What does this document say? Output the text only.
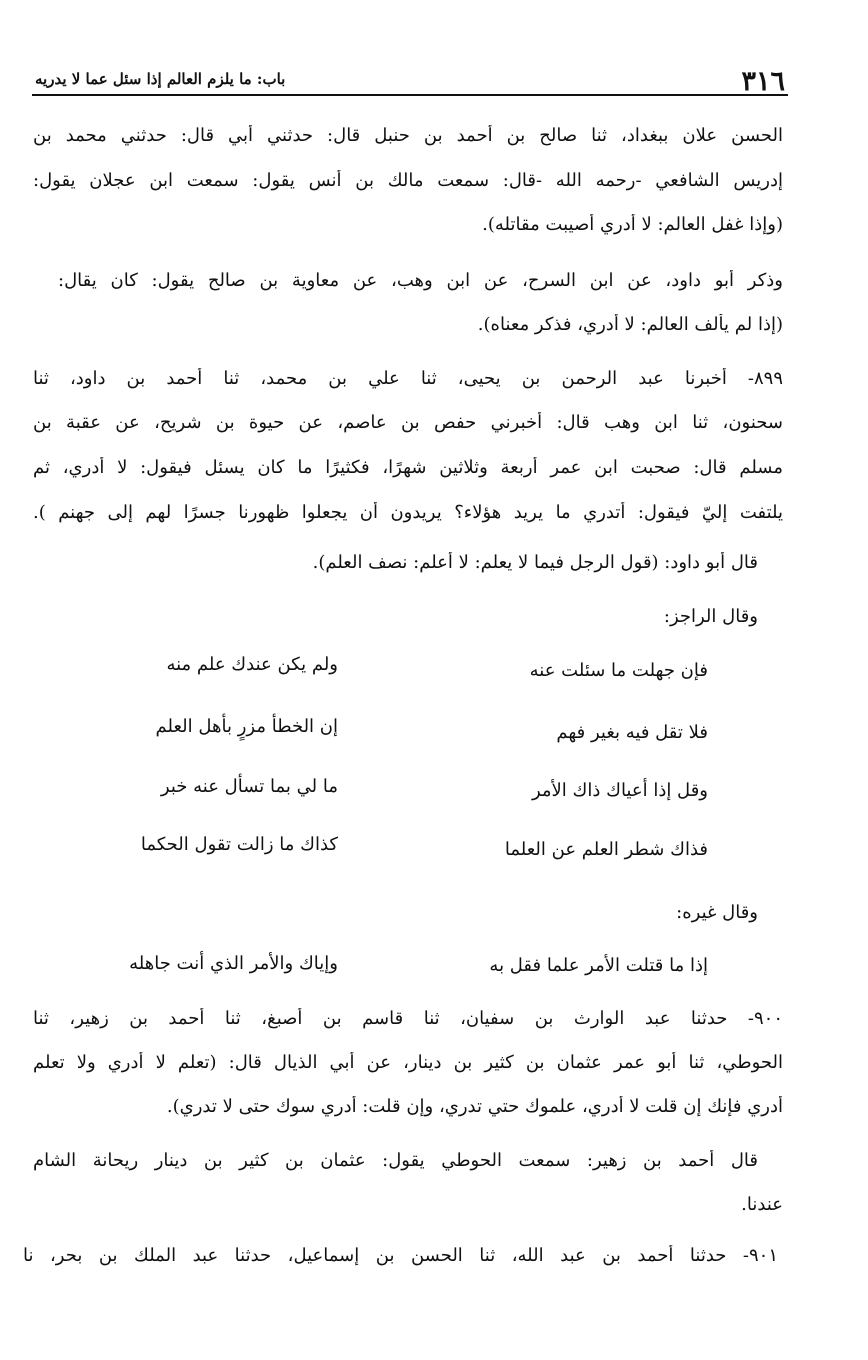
٣١٦
باب: ما يلزم العالم إذا سئل عما لا يدريه
الحسن علان ببغداد، ثنا صالح بن أحمد بن حنبل قال: حدثني أبي قال: حدثني محمد بن
إدريس الشافعي -رحمه الله -قال: سمعت مالك بن أنس يقول: سمعت ابن عجلان يقول:
(وإذا غفل العالم: لا أدري أصيبت مقاتله).
وذكر أبو داود، عن ابن السرح، عن ابن وهب، عن معاوية بن صالح يقول: كان يقال:
(إذا لم يألف العالم: لا أدري، فذكر معناه).
٨٩٩- أخبرنا عبد الرحمن بن يحيى، ثنا علي بن محمد، ثنا أحمد بن داود، ثنا
سحنون، ثنا ابن وهب قال: أخبرني حفص بن عاصم، عن حيوة بن شريح، عن عقبة بن
مسلم قال: صحبت ابن عمر أربعة وثلاثين شهرًا، فكثيرًا ما كان يسئل فيقول: لا أدري، ثم
يلتفت إليّ فيقول: أتدري ما يريد هؤلاء؟ يريدون أن يجعلوا ظهورنا جسرًا لهم إلى جهنم ).
قال أبو داود: (قول الرجل فيما لا يعلم: لا أعلم: نصف العلم).
وقال الراجز:
فإن جهلت ما سئلت عنه
ولم يكن عندك علم منه
فلا تقل فيه بغير فهم
إن الخطأ مزرٍ بأهل العلم
وقل إذا أعياك ذاك الأمر
ما لي بما تسأل عنه خبر
فذاك شطر العلم عن العلما
كذاك ما زالت تقول الحكما
وقال غيره:
إذا ما قتلت الأمر علما فقل به
وإياك والأمر الذي أنت جاهله
٩٠٠- حدثنا عبد الوارث بن سفيان، ثنا قاسم بن أصبغ، ثنا أحمد بن زهير، ثنا
الحوطي، ثنا أبو عمر عثمان بن كثير بن دينار، عن أبي الذيال قال: (تعلم لا أدري ولا تعلم
أدري فإنك إن قلت لا أدري، علموك حتي تدري، وإن قلت: أدري سوك حتى لا تدري).
قال أحمد بن زهير: سمعت الحوطي يقول: عثمان بن كثير بن دينار ريحانة الشام
عندنا.
٩٠١- حدثنا أحمد بن عبد الله، ثنا الحسن بن إسماعيل، حدثنا عبد الملك بن بحر، نا
